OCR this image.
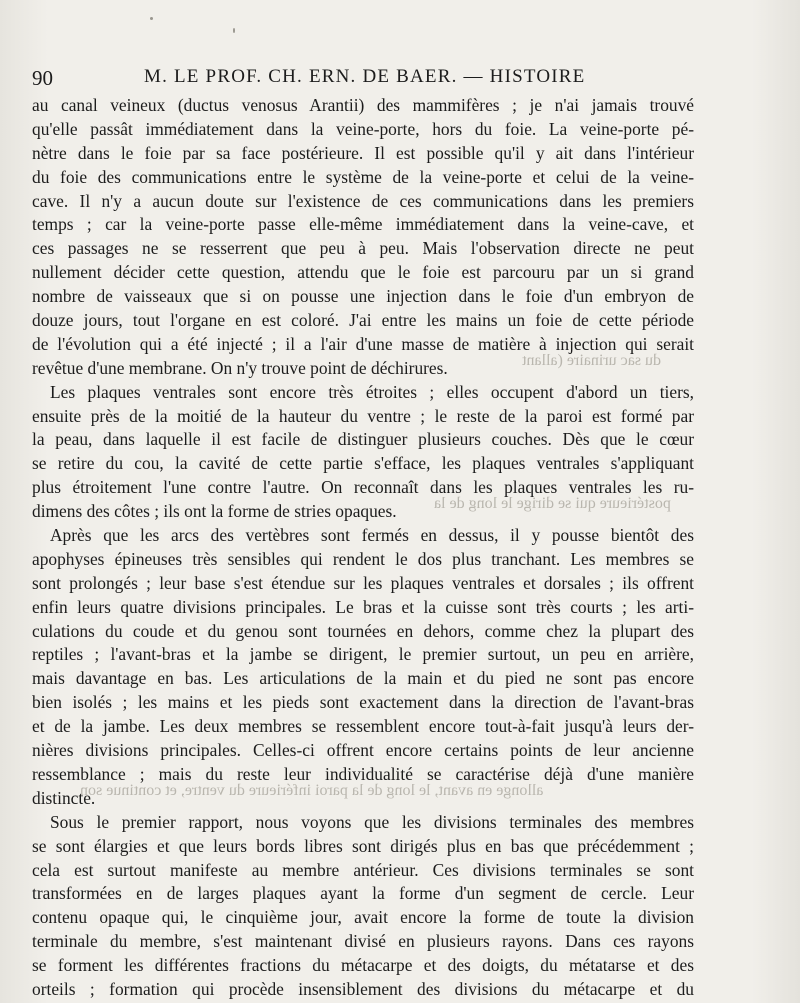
90	M. LE PROF. CH. ERN. DE BAER. — HISTOIRE
du sac urinaire (allant
postérieure qui se dirige le long de la
allonge en avant, le long de la paroi inférieure du ventre, et continue son
au canal veineux (ductus venosus Arantii) des mammifères ; je n'ai jamais trouvé
qu'elle passât immédiatement dans la veine-porte, hors du foie. La veine-porte pé-
nètre dans le foie par sa face postérieure. Il est possible qu'il y ait dans l'intérieur
du foie des communications entre le système de la veine-porte et celui de la veine-
cave. Il n'y a aucun doute sur l'existence de ces communications dans les premiers
temps ; car la veine-porte passe elle-même immédiatement dans la veine-cave, et
ces passages ne se resserrent que peu à peu. Mais l'observation directe ne peut
nullement décider cette question, attendu que le foie est parcouru par un si grand
nombre de vaisseaux que si on pousse une injection dans le foie d'un embryon de
douze jours, tout l'organe en est coloré. J'ai entre les mains un foie de cette période
de l'évolution qui a été injecté ; il a l'air d'une masse de matière à injection qui serait
revêtue d'une membrane. On n'y trouve point de déchirures.
Les plaques ventrales sont encore très étroites ; elles occupent d'abord un tiers,
ensuite près de la moitié de la hauteur du ventre ; le reste de la paroi est formé par
la peau, dans laquelle il est facile de distinguer plusieurs couches. Dès que le cœur
se retire du cou, la cavité de cette partie s'efface, les plaques ventrales s'appliquant
plus étroitement l'une contre l'autre. On reconnaît dans les plaques ventrales les ru-
dimens des côtes ; ils ont la forme de stries opaques.
Après que les arcs des vertèbres sont fermés en dessus, il y pousse bientôt des
apophyses épineuses très sensibles qui rendent le dos plus tranchant. Les membres se
sont prolongés ; leur base s'est étendue sur les plaques ventrales et dorsales ; ils offrent
enfin leurs quatre divisions principales. Le bras et la cuisse sont très courts ; les arti-
culations du coude et du genou sont tournées en dehors, comme chez la plupart des
reptiles ; l'avant-bras et la jambe se dirigent, le premier surtout, un peu en arrière,
mais davantage en bas. Les articulations de la main et du pied ne sont pas encore
bien isolés ; les mains et les pieds sont exactement dans la direction de l'avant-bras
et de la jambe. Les deux membres se ressemblent encore tout-à-fait jusqu'à leurs der-
nières divisions principales. Celles-ci offrent encore certains points de leur ancienne
ressemblance ; mais du reste leur individualité se caractérise déjà d'une manière
distincte.
Sous le premier rapport, nous voyons que les divisions terminales des membres
se sont élargies et que leurs bords libres sont dirigés plus en bas que précédemment ;
cela est surtout manifeste au membre antérieur. Ces divisions terminales se sont
transformées en de larges plaques ayant la forme d'un segment de cercle. Leur
contenu opaque qui, le cinquième jour, avait encore la forme de toute la division
terminale du membre, s'est maintenant divisé en plusieurs rayons. Dans ces rayons
se forment les différentes fractions du métacarpe et des doigts, du métatarse et des
orteils ; formation qui procède insensiblement des divisions du métacarpe et du
